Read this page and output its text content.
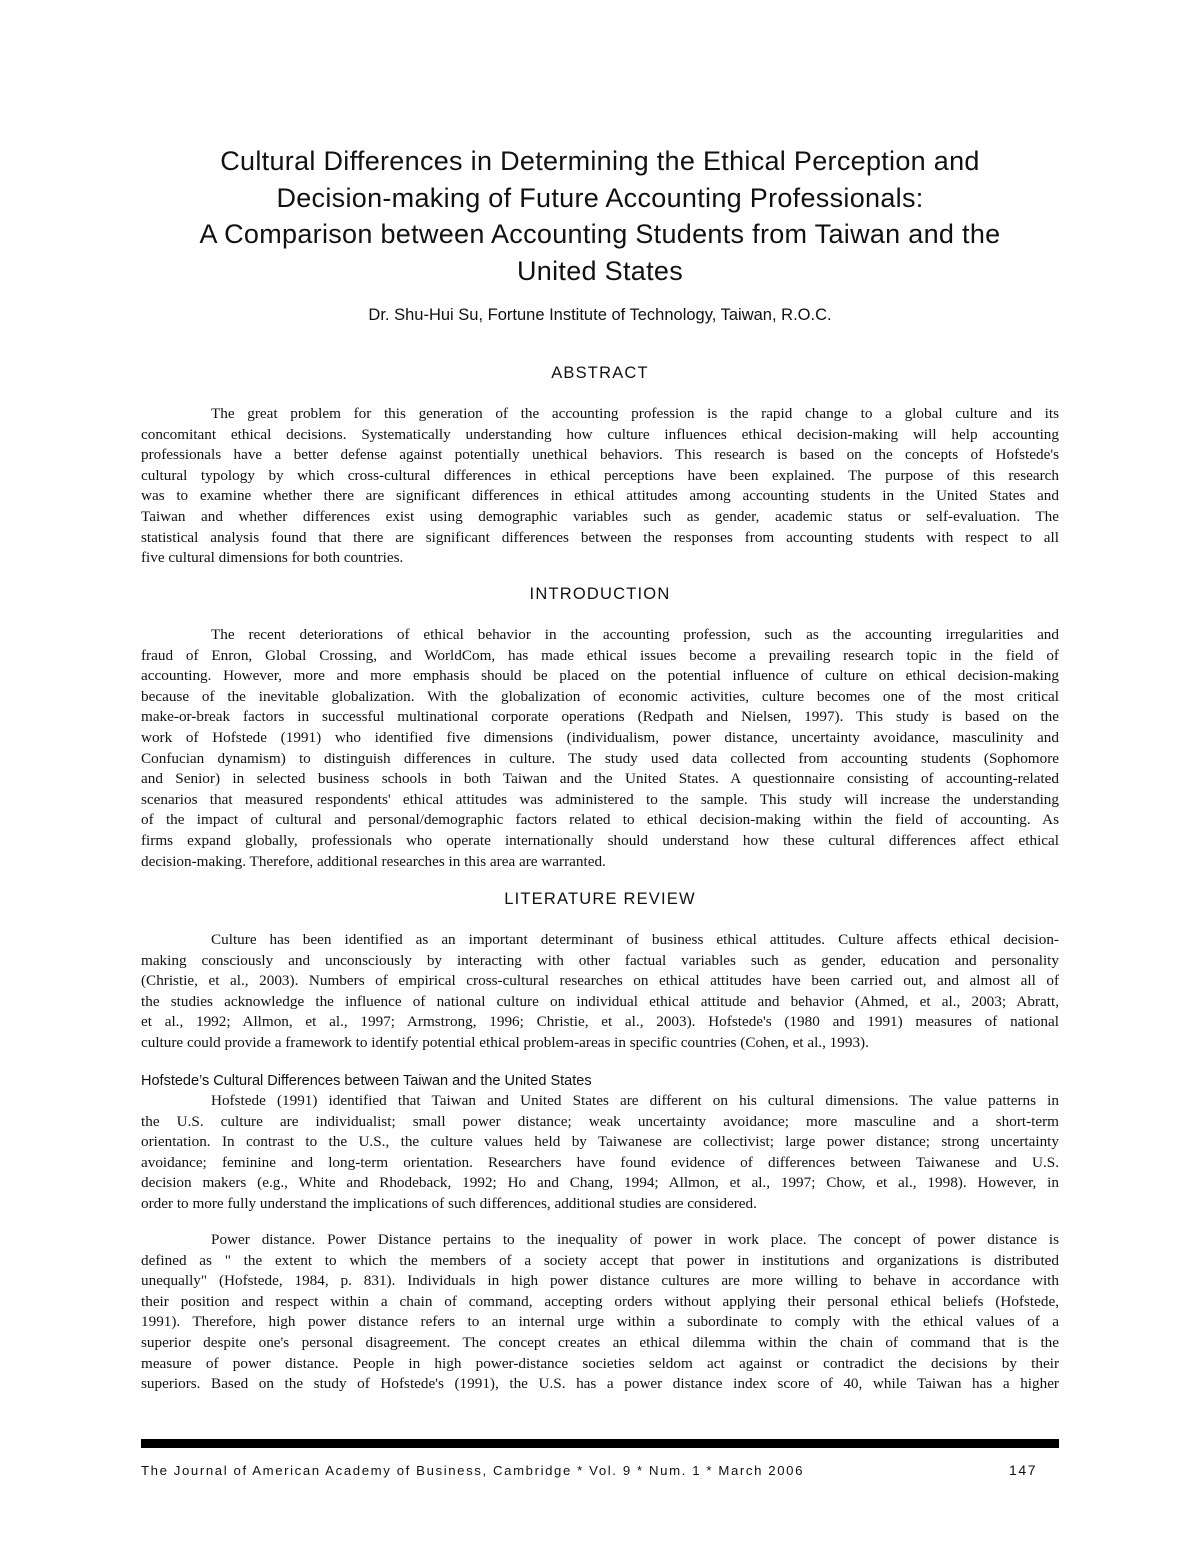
Cultural Differences in Determining the Ethical Perception and
Decision-making of Future Accounting Professionals:
A Comparison between Accounting Students from Taiwan and the
United States
Dr. Shu-Hui Su, Fortune Institute of Technology, Taiwan, R.O.C.
ABSTRACT
The great problem for this generation of the accounting profession is the rapid change to a global culture and its
concomitant ethical decisions. Systematically understanding how culture influences ethical decision-making will help accounting
professionals have a better defense against potentially unethical behaviors. This research is based on the concepts of Hofstede's
cultural typology by which cross-cultural differences in ethical perceptions have been explained. The purpose of this research
was to examine whether there are significant differences in ethical attitudes among accounting students in the United States and
Taiwan and whether differences exist using demographic variables such as gender, academic status or self-evaluation. The
statistical analysis found that there are significant differences between the responses from accounting students with respect to all
five cultural dimensions for both countries.
INTRODUCTION
The recent deteriorations of ethical behavior in the accounting profession, such as the accounting irregularities and
fraud of Enron, Global Crossing, and WorldCom, has made ethical issues become a prevailing research topic in the field of
accounting. However, more and more emphasis should be placed on the potential influence of culture on ethical decision-making
because of the inevitable globalization. With the globalization of economic activities, culture becomes one of the most critical
make-or-break factors in successful multinational corporate operations (Redpath and Nielsen, 1997). This study is based on the
work of Hofstede (1991) who identified five dimensions (individualism, power distance, uncertainty avoidance, masculinity and
Confucian dynamism) to distinguish differences in culture. The study used data collected from accounting students (Sophomore
and Senior) in selected business schools in both Taiwan and the United States. A questionnaire consisting of accounting-related
scenarios that measured respondents' ethical attitudes was administered to the sample. This study will increase the understanding
of the impact of cultural and personal/demographic factors related to ethical decision-making within the field of accounting. As
firms expand globally, professionals who operate internationally should understand how these cultural differences affect ethical
decision-making. Therefore, additional researches in this area are warranted.
LITERATURE REVIEW
Culture has been identified as an important determinant of business ethical attitudes. Culture affects ethical decision-
making consciously and unconsciously by interacting with other factual variables such as gender, education and personality
(Christie, et al., 2003). Numbers of empirical cross-cultural researches on ethical attitudes have been carried out, and almost all of
the studies acknowledge the influence of national culture on individual ethical attitude and behavior (Ahmed, et al., 2003; Abratt,
et al., 1992; Allmon, et al., 1997; Armstrong, 1996; Christie, et al., 2003). Hofstede's (1980 and 1991) measures of national
culture could provide a framework to identify potential ethical problem-areas in specific countries (Cohen, et al., 1993).
Hofstede’s Cultural Differences between Taiwan and the United States
Hofstede (1991) identified that Taiwan and United States are different on his cultural dimensions. The value patterns in
the U.S. culture are individualist; small power distance; weak uncertainty avoidance; more masculine and a short-term
orientation. In contrast to the U.S., the culture values held by Taiwanese are collectivist; large power distance; strong uncertainty
avoidance; feminine and long-term orientation. Researchers have found evidence of differences between Taiwanese and U.S.
decision makers (e.g., White and Rhodeback, 1992; Ho and Chang, 1994; Allmon, et al., 1997; Chow, et al., 1998). However, in
order to more fully understand the implications of such differences, additional studies are considered.
Power distance. Power Distance pertains to the inequality of power in work place. The concept of power distance is
defined as " the extent to which the members of a society accept that power in institutions and organizations is distributed
unequally" (Hofstede, 1984, p. 831). Individuals in high power distance cultures are more willing to behave in accordance with
their position and respect within a chain of command, accepting orders without applying their personal ethical beliefs (Hofstede,
1991). Therefore, high power distance refers to an internal urge within a subordinate to comply with the ethical values of a
superior despite one's personal disagreement. The concept creates an ethical dilemma within the chain of command that is the
measure of power distance. People in high power-distance societies seldom act against or contradict the decisions by their
superiors. Based on the study of Hofstede's (1991), the U.S. has a power distance index score of 40, while Taiwan has a higher
The Journal of American Academy of Business, Cambridge * Vol. 9 * Num. 1 * March 2006	147
